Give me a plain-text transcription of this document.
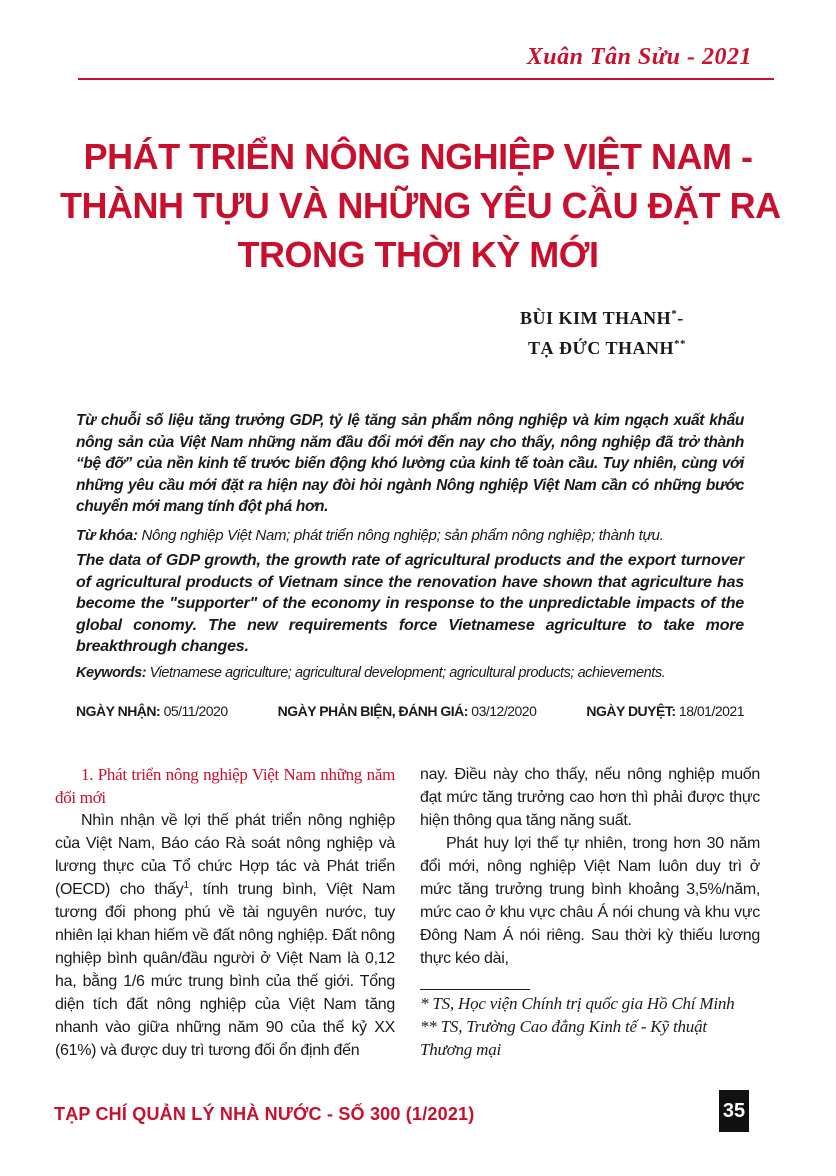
Xuân Tân Sửu - 2021
PHÁT TRIỂN NÔNG NGHIỆP VIỆT NAM -
THÀNH TỰU VÀ NHỮNG YÊU CẦU ĐẶT RA
TRONG THỜI KỲ MỚI
BÙI KIM THANH*-
TẠ ĐỨC THANH**
Từ chuỗi số liệu tăng trưởng GDP, tỷ lệ tăng sản phẩm nông nghiệp và kim ngạch xuất khẩu nông sản của Việt Nam những năm đầu đổi mới đến nay cho thấy, nông nghiệp đã trở thành “bệ đỡ” của nền kinh tế trước biến động khó lường của kinh tế toàn cầu. Tuy nhiên, cùng với những yêu cầu mới đặt ra hiện nay đòi hỏi ngành Nông nghiệp Việt Nam cần có những bước chuyển mới mang tính đột phá hơn.
Từ khóa: Nông nghiệp Việt Nam; phát triển nông nghiệp; sản phẩm nông nghiệp; thành tựu.
The data of GDP growth, the growth rate of agricultural products and the export turnover of agricultural products of Vietnam since the renovation have shown that agriculture has become the "supporter" of the economy in response to the unpredictable impacts of the global conomy. The new requirements force Vietnamese agriculture to take more breakthrough changes.
Keywords: Vietnamese agriculture; agricultural development; agricultural products; achievements.
NGÀY NHẬN: 05/11/2020	NGÀY PHẢN BIỆN, ĐÁNH GIÁ: 03/12/2020	NGÀY DUYỆT: 18/01/2021

1. Phát triển nông nghiệp Việt Nam những năm đổi mới

Nhìn nhận về lợi thế phát triển nông nghiệp của Việt Nam, Báo cáo Rà soát nông nghiệp và lương thực của Tổ chức Hợp tác và Phát triển (OECD) cho thấy$^1$, tính trung bình, Việt Nam tương đối phong phú về tài nguyên nước, tuy nhiên lại khan hiếm về đất nông nghiệp. Đất nông nghiệp bình quân/đầu người ở Việt Nam là 0,12 ha, bằng 1/6 mức trung bình của thế giới. Tổng diện tích đất nông nghiệp của Việt Nam tăng nhanh vào giữa những năm 90 của thế kỷ XX (61%) và được duy trì tương đối ổn định đến

nay. Điều này cho thấy, nếu nông nghiệp muốn đạt mức tăng trưởng cao hơn thì phải được thực hiện thông qua tăng năng suất.

Phát huy lợi thế tự nhiên, trong hơn 30 năm đổi mới, nông nghiệp Việt Nam luôn duy trì ở mức tăng trưởng trung bình khoảng 3,5%/năm, mức cao ở khu vực châu Á nói chung và khu vực Đông Nam Á nói riêng. Sau thời kỳ thiếu lương thực kéo dài,

* TS, Học viện Chính trị quốc gia Hồ Chí Minh
** TS, Trường Cao đẳng Kinh tế - Kỹ thuật Thương mại
TẠP CHÍ QUẢN LÝ NHÀ NƯỚC - SỐ 300 (1/2021)	35
